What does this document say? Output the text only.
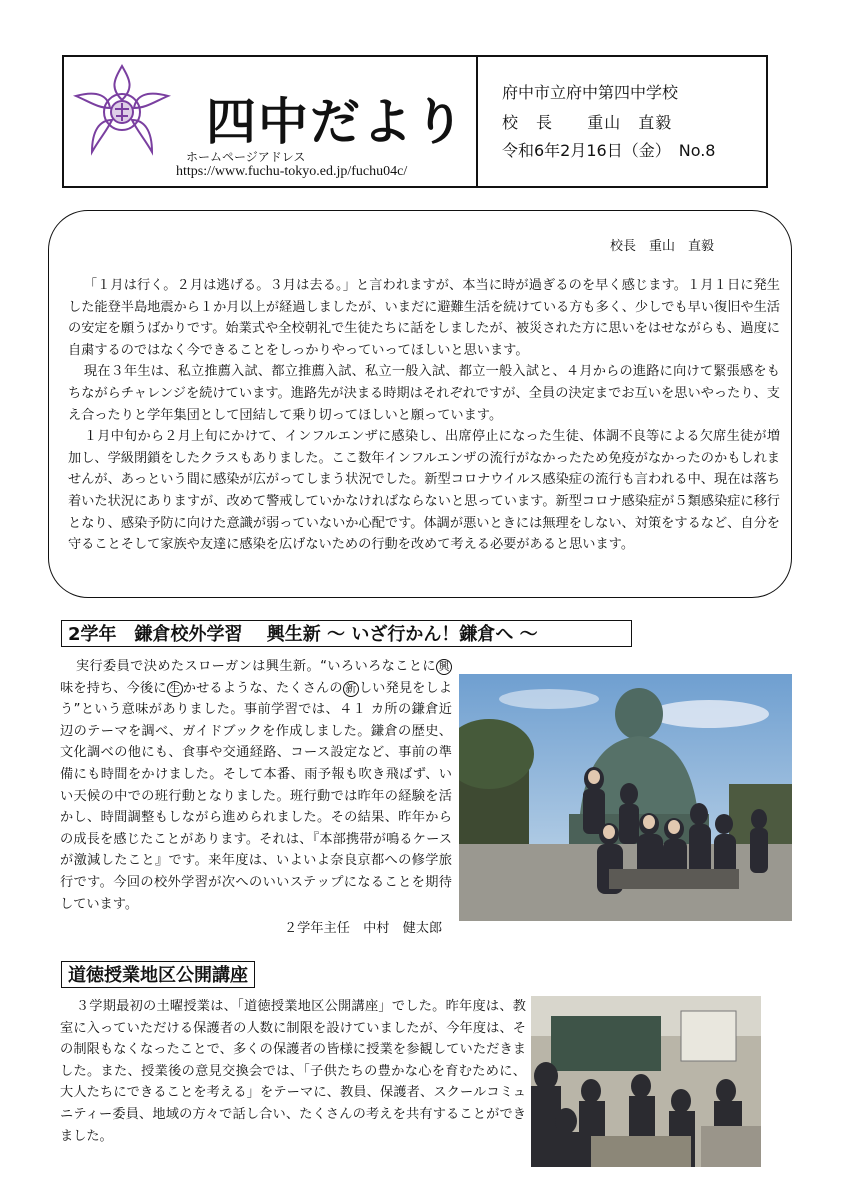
四中だより
ホームページアドレス
https://www.fuchu-tokyo.ed.jp/fuchu04c/
府中市立府中第四中学校
校　長 重山　直毅
令和6年2月16日（金）　No.8
校長　重山　直毅

「１月は行く。２月は逃げる。３月は去る。」と言われますが、本当に時が過ぎるのを早く感じます。１月１日に発生した能登半島地震から１か月以上が経過しましたが、いまだに避難生活を続けている方も多く、少しでも早い復旧や生活の安定を願うばかりです。始業式や全校朝礼で生徒たちに話をしましたが、被災された方に思いをはせながらも、過度に自粛するのではなく今できることをしっかりやっていってほしいと思います。

現在３年生は、私立推薦入試、都立推薦入試、私立一般入試、都立一般入試と、４月からの進路に向けて緊張感をもちながらチャレンジを続けています。進路先が決まる時期はそれぞれですが、全員の決定までお互いを思いやったり、支え合ったりと学年集団として団結して乗り切ってほしいと願っています。

１月中旬から２月上旬にかけて、インフルエンザに感染し、出席停止になった生徒、体調不良等による欠席生徒が増加し、学級閉鎖をしたクラスもありました。ここ数年インフルエンザの流行がなかったため免疫がなかったのかもしれませんが、あっという間に感染が広がってしまう状況でした。新型コロナウイルス感染症の流行も言われる中、現在は落ち着いた状況にありますが、改めて警戒していかなければならないと思っています。新型コロナ感染症が５類感染症に移行となり、感染予防に向けた意識が弱っていないか心配です。体調が悪いときには無理をしない、対策をするなど、自分を守ることそして家族や友達に感染を広げないための行動を改めて考える必要があると思います。

2学年　鎌倉校外学習　 興生新 ～ いざ行かん！鎌倉へ ～

実行委員で決めたスローガンは興生新。“いろいろなことに 興味を持ち、今後に 生 かせるような、たくさんの 新 しい発見をしよう”という意味がありました。事前学習では、４１ カ所の鎌倉近辺のテーマを調べ、ガイドブックを作成しました。鎌倉の歴史、文化調べの他にも、食事や交通経路、コース設定など、事前の準備にも時間をかけました。そして本番、雨予報も吹き飛ばず、いい天候の中での班行動となりました。班行動では昨年の経験を活かし、時間調整もしながら進められました。その結果、昨年からの成長を感じたことがあります。それは、『本部携帯が鳴るケースが激減したこと』です。来年度は、いよいよ奈良京都への修学旅行です。今回の校外学習が次へのいいステップになることを期待しています。

２学年主任　中村　健太郎
道徳授業地区公開講座

３学期最初の土曜授業は、「道徳授業地区公開講座」でした。昨年度は、教室に入っていただける保護者の人数に制限を設けていましたが、今年度は、その制限もなくなったことで、多くの保護者の皆様に授業を参観していただきました。また、授業後の意見交換会では、「子供たちの豊かな心を育むために、大人たちにできることを考える」をテーマに、教員、保護者、スクールコミュニティー委員、地域の方々で話し合い、たくさんの考えを共有することができました。
